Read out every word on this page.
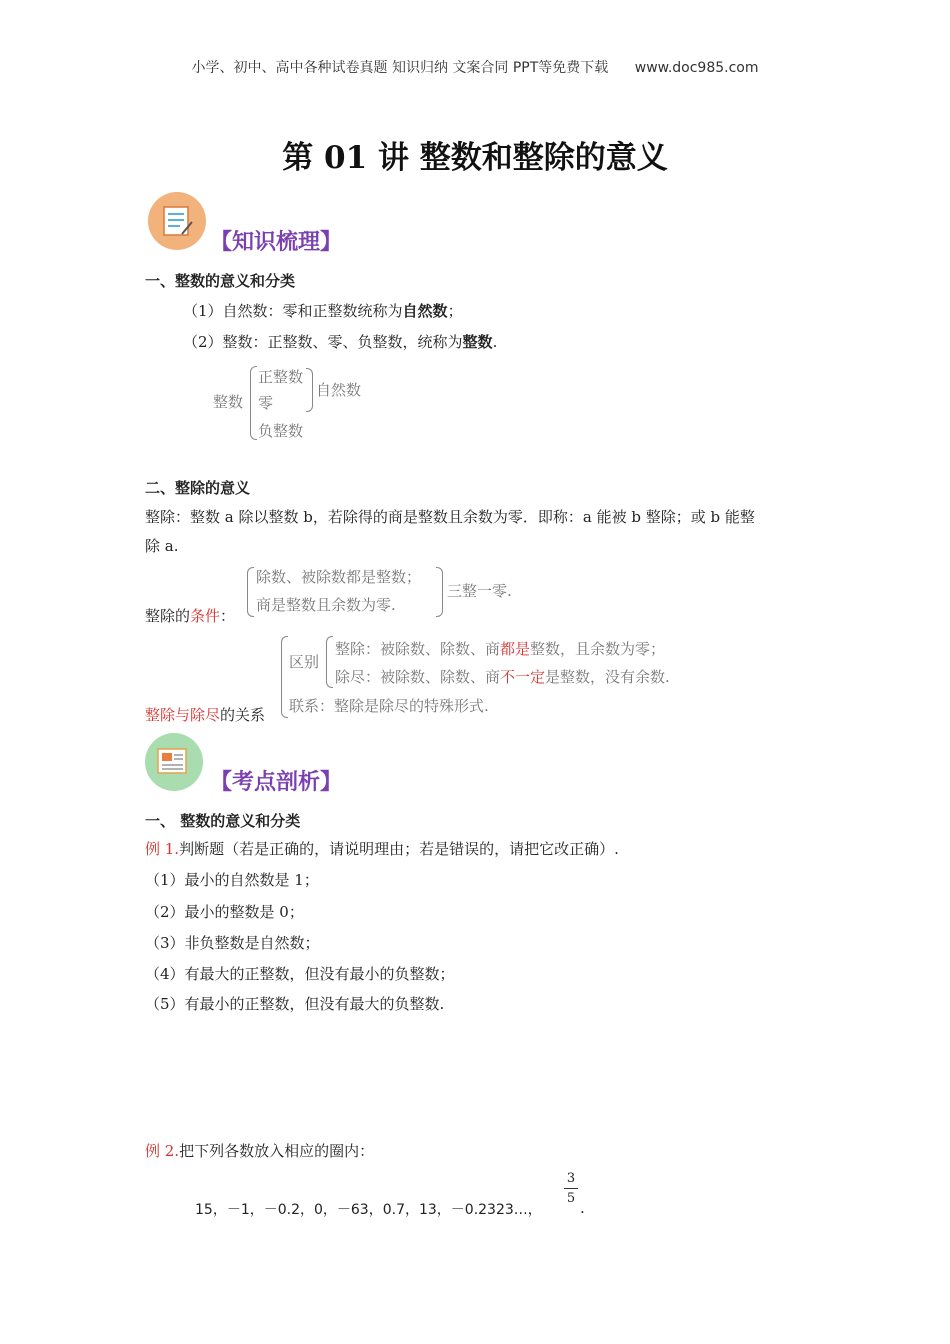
小学、初中、高中各种试卷真题 知识归纳 文案合同 PPT等免费下载 www.doc985.com
第 01 讲 整数和整除的意义
【知识梳理】
一、整数的意义和分类
（1）自然数：零和正整数统称为自然数；
（2）整数：正整数、零、负整数，统称为整数.
整数
正整数
零
负整数
自然数
二、整除的意义
整除：整数 a 除以整数 b，若除得的商是整数且余数为零．即称：a 能被 b 整除；或 b 能整
除 a.
整除的条件：
除数、被除数都是整数；
商是整数且余数为零.
三整一零.
整除与除尽的关系
区别
整除：被除数、除数、商都是整数，且余数为零；
除尽：被除数、除数、商不一定是整数，没有余数.
联系：整除是除尽的特殊形式.
【考点剖析】
一、 整数的意义和分类
例 1.判断题（若是正确的，请说明理由；若是错误的，请把它改正确）.
（1）最小的自然数是 1；
（2）最小的整数是 0；
（3）非负整数是自然数；
（4）有最大的正整数，但没有最小的负整数；
（5）有最小的正整数，但没有最大的负整数.
例 2.把下列各数放入相应的圈内：
15，－1，－0.2，0，－63，0.7，13，－0.2323…，
3
5
.
